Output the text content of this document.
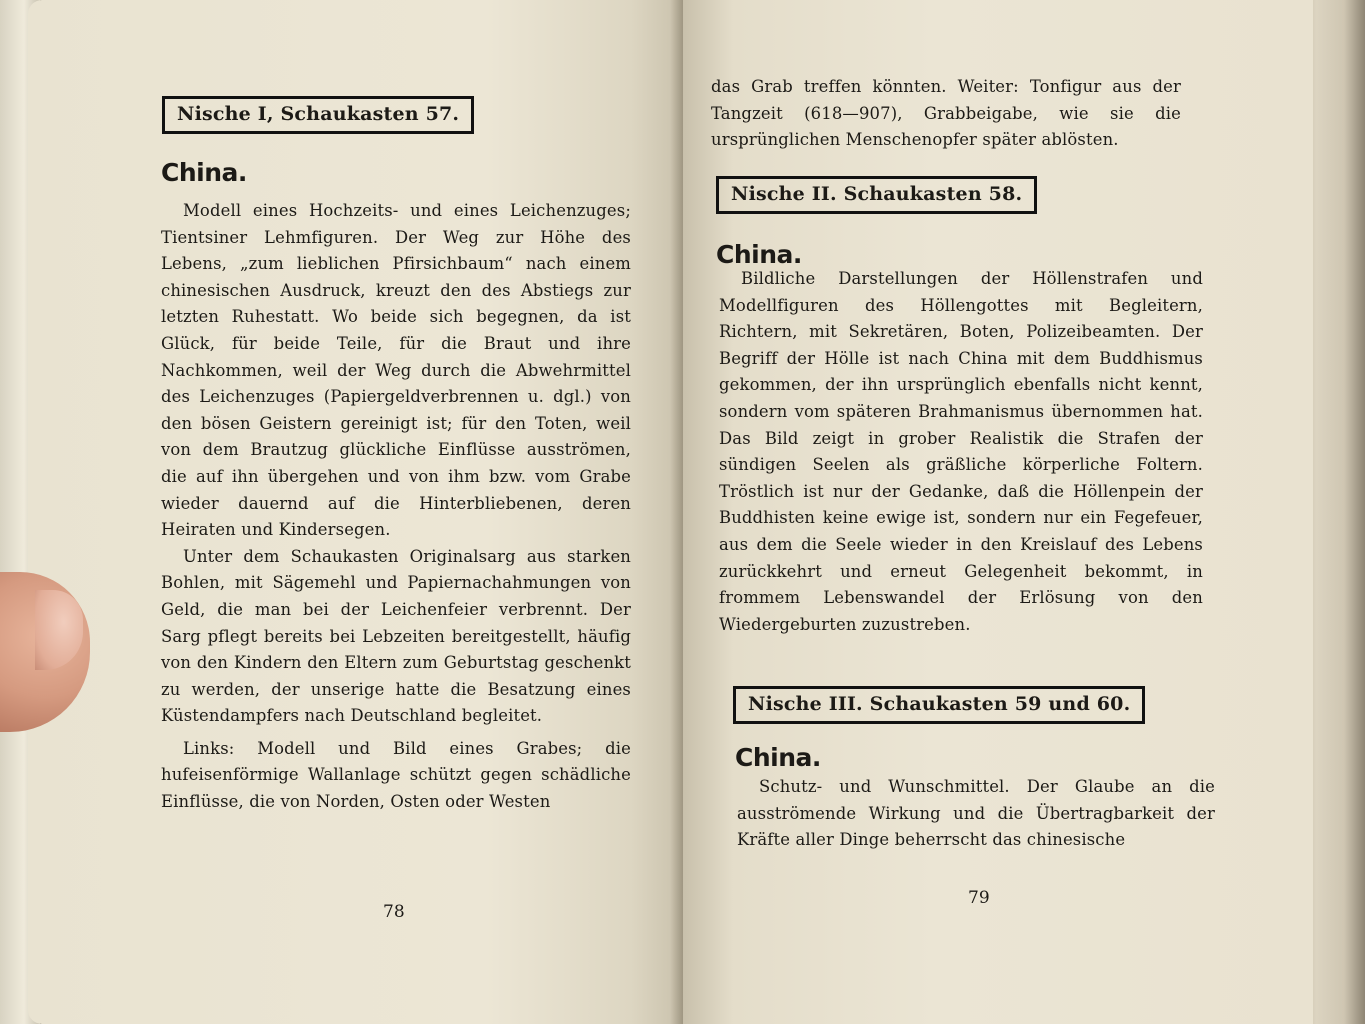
Nische I, Schaukasten 57.
China.

Modell eines Hochzeits- und eines Leichenzuges; Tientsiner Lehmfiguren. Der Weg zur Höhe des Lebens, „zum lieblichen Pfirsichbaum“ nach einem chinesischen Ausdruck, kreuzt den des Abstiegs zur letzten Ruhestatt. Wo beide sich begegnen, da ist Glück, für beide Teile, für die Braut und ihre Nachkommen, weil der Weg durch die Abwehrmittel des Leichenzuges (Papiergeldverbrennen u. dgl.) von den bösen Geistern gereinigt ist; für den Toten, weil von dem Brautzug glückliche Einflüsse ausströmen, die auf ihn übergehen und von ihm bzw. vom Grabe wieder dauernd auf die Hinterbliebenen, deren Heiraten und Kindersegen.

Unter dem Schaukasten Originalsarg aus starken Bohlen, mit Sägemehl und Papiernachahmungen von Geld, die man bei der Leichenfeier verbrennt. Der Sarg pflegt bereits bei Lebzeiten bereitgestellt, häufig von den Kindern den Eltern zum Geburtstag geschenkt zu werden, der unserige hatte die Besatzung eines Küstendampfers nach Deutschland begleitet.

Links: Modell und Bild eines Grabes; die hufeisenförmige Wallanlage schützt gegen schädliche Einflüsse, die von Norden, Osten oder Westen

78

das Grab treffen könnten. Weiter: Tonfigur aus der Tangzeit (618—907), Grabbeigabe, wie sie die ursprünglichen Menschenopfer später ablösten.

Nische II. Schaukasten 58.
China.

Bildliche Darstellungen der Höllenstrafen und Modellfiguren des Höllengottes mit Begleitern, Richtern, mit Sekretären, Boten, Polizeibeamten. Der Begriff der Hölle ist nach China mit dem Buddhismus gekommen, der ihn ursprünglich ebenfalls nicht kennt, sondern vom späteren Brahmanismus übernommen hat. Das Bild zeigt in grober Realistik die Strafen der sündigen Seelen als gräßliche körperliche Foltern. Tröstlich ist nur der Gedanke, daß die Höllenpein der Buddhisten keine ewige ist, sondern nur ein Fegefeuer, aus dem die Seele wieder in den Kreislauf des Lebens zurückkehrt und erneut Gelegenheit bekommt, in frommem Lebenswandel der Erlösung von den Wiedergeburten zuzustreben.

Nische III. Schaukasten 59 und 60.
China.

Schutz- und Wunschmittel. Der Glaube an die ausströmende Wirkung und die Übertragbarkeit der Kräfte aller Dinge beherrscht das chinesische

79
